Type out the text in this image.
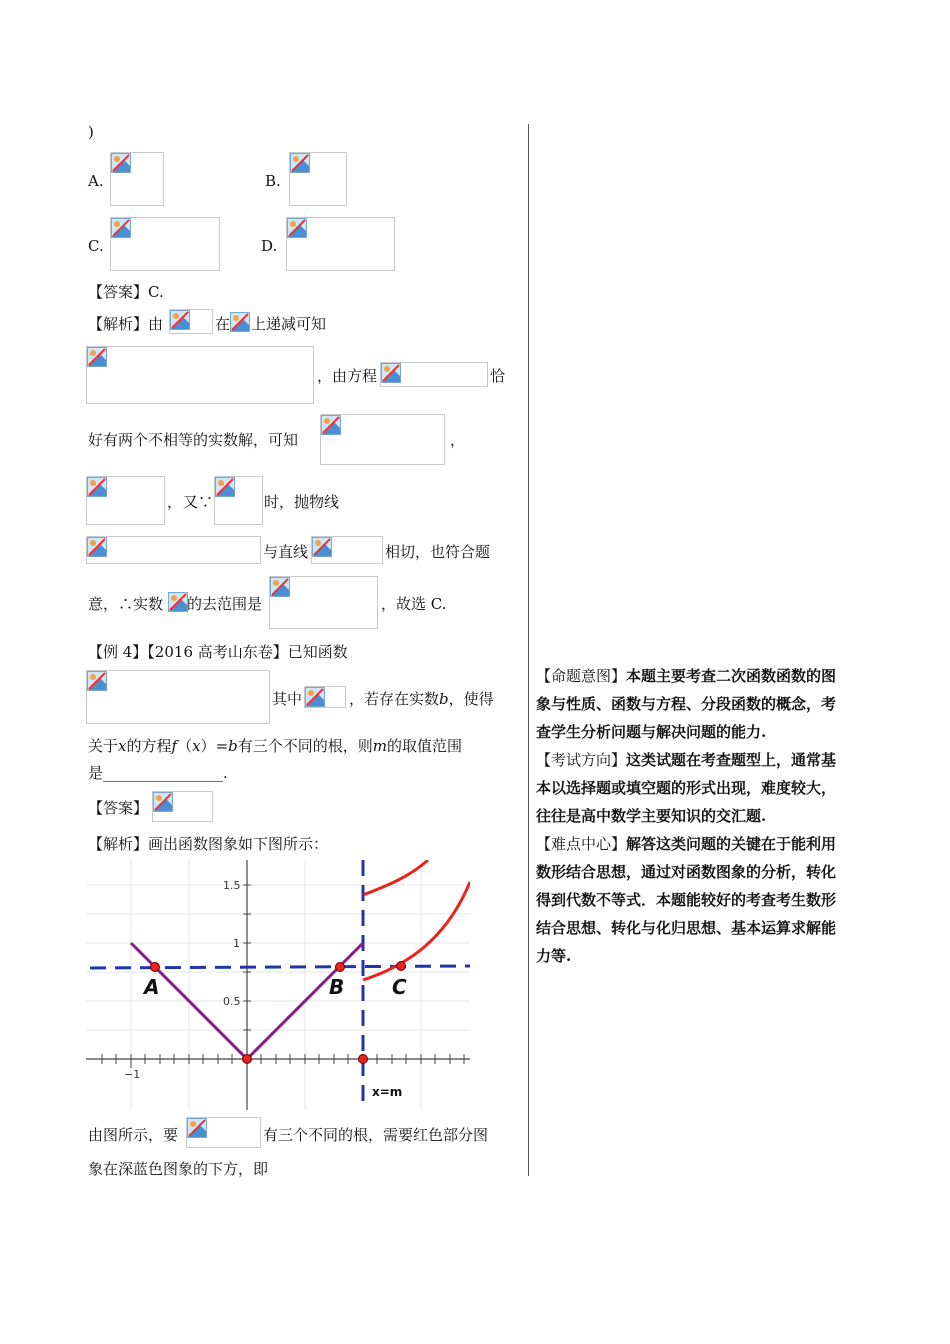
)
A.	B.
C.	D.
【答案】C.
【解析】由	在 上递减可知
，由方程	恰
好有两个不相等的实数解，可知	，
， 又∵	时，抛物线
与直线	相切，也符合题
意，∴实数 的去范围是	，故选 C.
【例 4】【2016 高考山东卷】已知函数
其中	，若存在实数b，使得
关于x的方程f（x）=b有三个不同的根，则m的取值范围
是________________.
【答案】
【解析】画出函数图象如下图所示：
1.5
1
0.5
−1
A	B C
x=m
由图所示，要	有三个不同的根，需要红色部分图
象在深蓝色图象的下方，即
【命题意图】本题主要考查二次函数函数的图象与性质、函数与方程、分段函数的概念，考查学生分析问题与解决问题的能力.
【考试方向】这类试题在考查题型上，通常基本以选择题或填空题的形式出现，难度较大，往往是高中数学主要知识的交汇题.
【难点中心】解答这类问题的关键在于能利用数形结合思想，通过对函数图象的分析，转化得到代数不等式．本题能较好的考查考生数形结合思想、转化与化归思想、基本运算求解能力等.
